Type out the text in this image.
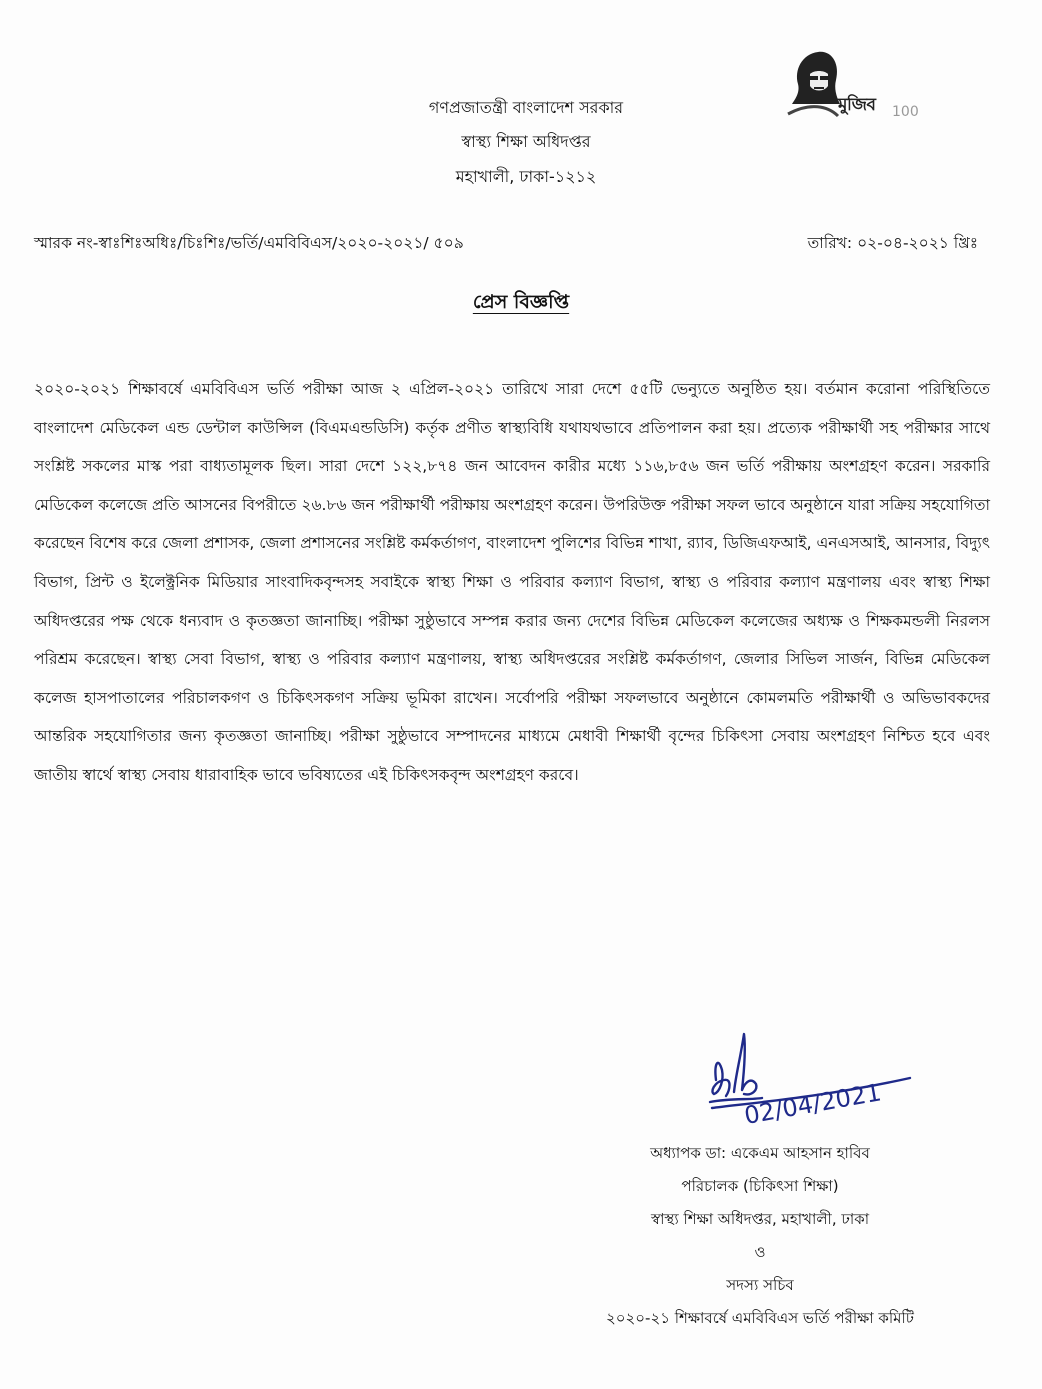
মুজিব 100
গণপ্রজাতন্ত্রী বাংলাদেশ সরকার
স্বাস্থ্য শিক্ষা অধিদপ্তর
মহাখালী, ঢাকা-১২১২
স্মারক নং-স্বাঃশিঃঅধিঃ/চিঃশিঃ/ভর্তি/এমবিবিএস/২০২০-২০২১/ ৫০৯	তারিখ: ০২-০৪-২০২১ খ্রিঃ
প্রেস বিজ্ঞপ্তি
২০২০-২০২১ শিক্ষাবর্ষে এমবিবিএস ভর্তি পরীক্ষা আজ ২ এপ্রিল-২০২১ তারিখে সারা দেশে ৫৫টি ভেন্যুতে অনুষ্ঠিত হয়। বর্তমান করোনা পরিস্থিতিতে বাংলাদেশ মেডিকেল এন্ড ডেন্টাল কাউন্সিল (বিএমএন্ডডিসি) কর্তৃক প্রণীত স্বাস্থ্যবিধি যথাযথভাবে প্রতিপালন করা হয়। প্রত্যেক পরীক্ষার্থী সহ পরীক্ষার সাথে সংশ্লিষ্ট সকলের মাস্ক পরা বাধ্যতামূলক ছিল। সারা দেশে ১২২,৮৭৪ জন আবেদন কারীর মধ্যে ১১৬,৮৫৬ জন ভর্তি পরীক্ষায় অংশগ্রহণ করেন। সরকারি মেডিকেল কলেজে প্রতি আসনের বিপরীতে ২৬.৮৬ জন পরীক্ষার্থী পরীক্ষায় অংশগ্রহণ করেন। উপরিউক্ত পরীক্ষা সফল ভাবে অনুষ্ঠানে যারা সক্রিয় সহযোগিতা করেছেন বিশেষ করে জেলা প্রশাসক, জেলা প্রশাসনের সংশ্লিষ্ট কর্মকর্তাগণ, বাংলাদেশ পুলিশের বিভিন্ন শাখা, র‍্যাব, ডিজিএফআই, এনএসআই, আনসার, বিদ্যুৎ বিভাগ, প্রিন্ট ও ইলেক্ট্রনিক মিডিয়ার সাংবাদিকবৃন্দসহ সবাইকে স্বাস্থ্য শিক্ষা ও পরিবার কল্যাণ বিভাগ, স্বাস্থ্য ও পরিবার কল্যাণ মন্ত্রণালয় এবং স্বাস্থ্য শিক্ষা অধিদপ্তরের পক্ষ থেকে ধন্যবাদ ও কৃতজ্ঞতা জানাচ্ছি। পরীক্ষা সুষ্ঠুভাবে সম্পন্ন করার জন্য দেশের বিভিন্ন মেডিকেল কলেজের অধ্যক্ষ ও শিক্ষকমন্ডলী নিরলস পরিশ্রম করেছেন। স্বাস্থ্য সেবা বিভাগ, স্বাস্থ্য ও পরিবার কল্যাণ মন্ত্রণালয়, স্বাস্থ্য অধিদপ্তরের সংশ্লিষ্ট কর্মকর্তাগণ, জেলার সিভিল সার্জন, বিভিন্ন মেডিকেল কলেজ হাসপাতালের পরিচালকগণ ও চিকিৎসকগণ সক্রিয় ভূমিকা রাখেন। সর্বোপরি পরীক্ষা সফলভাবে অনুষ্ঠানে কোমলমতি পরীক্ষার্থী ও অভিভাবকদের আন্তরিক সহযোগিতার জন্য কৃতজ্ঞতা জানাচ্ছি। পরীক্ষা সুষ্ঠুভাবে সম্পাদনের মাধ্যমে মেধাবী শিক্ষার্থী বৃন্দের চিকিৎসা সেবায় অংশগ্রহণ নিশ্চিত হবে এবং জাতীয় স্বার্থে স্বাস্থ্য সেবায় ধারাবাহিক ভাবে ভবিষ্যতের এই চিকিৎসকবৃন্দ অংশগ্রহণ করবে।
02/04/2021
অধ্যাপক ডা: একেএম আহসান হাবিব
পরিচালক (চিকিৎসা শিক্ষা)
স্বাস্থ্য শিক্ষা অধিদপ্তর, মহাখালী, ঢাকা
ও
সদস্য সচিব
২০২০-২১ শিক্ষাবর্ষে এমবিবিএস ভর্তি পরীক্ষা কমিটি
